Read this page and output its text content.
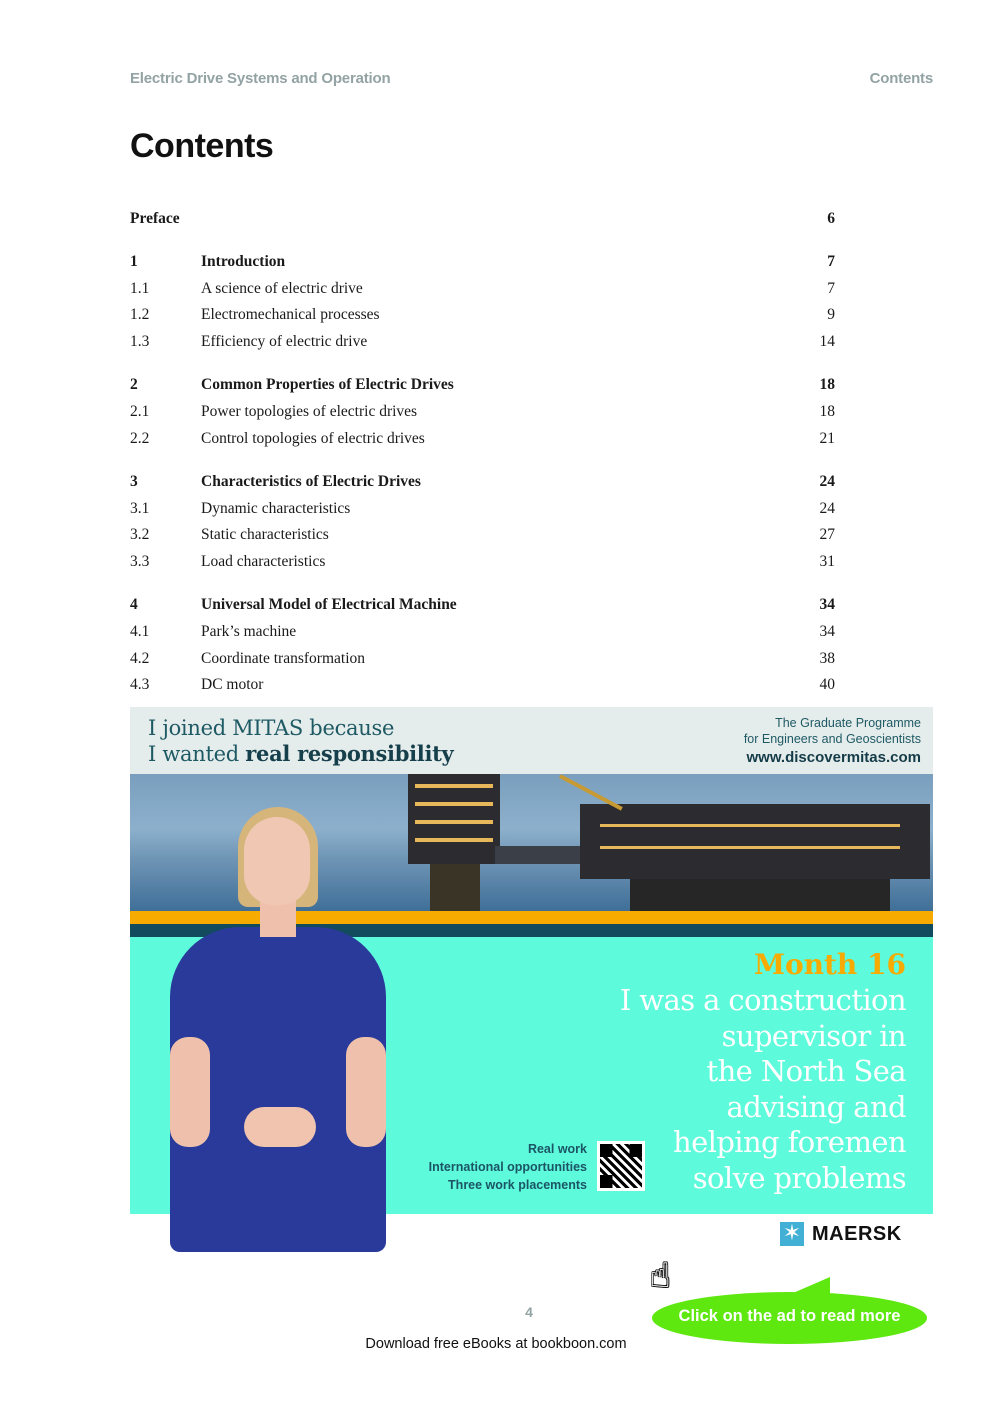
Electric Drive Systems and Operation	Contents
Contents
Preface	6
1	Introduction	7
1.1	A science of electric drive	7
1.2	Electromechanical processes	9
1.3	Efficiency of electric drive	14
2	Common Properties of Electric Drives	18
2.1	Power topologies of electric drives	18
2.2	Control topologies of electric drives	21
3	Characteristics of Electric Drives	24
3.1	Dynamic characteristics	24
3.2	Static characteristics	27
3.3	Load characteristics	31
4	Universal Model of Electrical Machine	34
4.1	Park’s machine	34
4.2	Coordinate transformation	38
4.3	DC motor	40
I joined MITAS because
I wanted real responsibility
The Graduate Programme
for Engineers and Geoscientists
www.discovermitas.com
Month 16
I was a construction
supervisor in
the North Sea
advising and
helping foremen
solve problems
Real work
International opportunities
Three work placements
✶ MAERSK
☝
Click on the ad to read more
4
Download free eBooks at bookboon.com
